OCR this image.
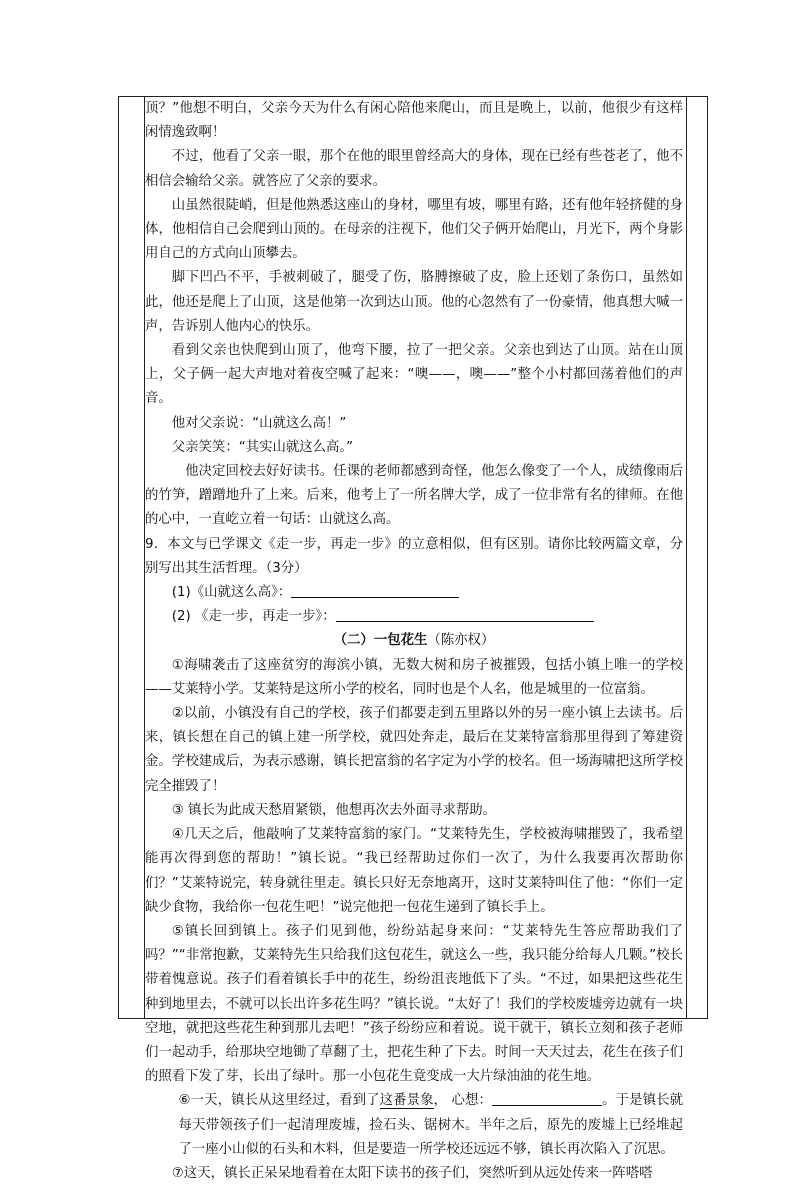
顶？”他想不明白，父亲今天为什么有闲心陪他来爬山，而且是晚上，以前，他很少有这样闲情逸致啊！

不过，他看了父亲一眼，那个在他的眼里曾经高大的身体，现在已经有些苍老了，他不相信会输给父亲。就答应了父亲的要求。

山虽然很陡峭，但是他熟悉这座山的身材，哪里有坡，哪里有路，还有他年轻挤健的身体，他相信自己会爬到山顶的。在母亲的注视下，他们父子俩开始爬山，月光下，两个身影用自己的方式向山顶攀去。

脚下凹凸不平，手被刺破了，腿受了伤，胳膊擦破了皮，脸上还划了条伤口，虽然如此，他还是爬上了山顶，这是他第一次到达山顶。他的心忽然有了一份豪情，他真想大喊一声，告诉别人他内心的快乐。

看到父亲也快爬到山顶了，他弯下腰，拉了一把父亲。父亲也到达了山顶。站在山顶上，父子俩一起大声地对着夜空喊了起来：“噢——，噢——”整个小村都回荡着他们的声音。

他对父亲说：“山就这么高！”

父亲笑笑：“其实山就这么高。”

他决定回校去好好读书。任课的老师都感到奇怪，他怎么像变了一个人，成绩像雨后的竹笋，蹭蹭地升了上来。后来，他考上了一所名牌大学，成了一位非常有名的律师。在他的心中，一直屹立着一句话：山就这么高。

9．本文与已学课文《走一步，再走一步》的立意相似，但有区别。请你比较两篇文章，分别写出其生活哲理。（3分）

(1)《山就这么高》：

(2) 《走一步，再走一步》：

（二）一包花生（陈亦权）

①海啸袭击了这座贫穷的海滨小镇，无数大树和房子被摧毁，包括小镇上唯一的学校——艾莱特小学。艾莱特是这所小学的校名，同时也是个人名，他是城里的一位富翁。

②以前，小镇没有自己的学校，孩子们都要走到五里路以外的另一座小镇上去读书。后来，镇长想在自己的镇上建一所学校，就四处奔走，最后在艾莱特富翁那里得到了筹建资金。学校建成后，为表示感谢，镇长把富翁的名字定为小学的校名。但一场海啸把这所学校完全摧毁了！

③ 镇长为此成天愁眉紧锁，他想再次去外面寻求帮助。

④几天之后，他敲响了艾莱特富翁的家门。“艾莱特先生，学校被海啸摧毁了，我希望能再次得到您的帮助！”镇长说。“我已经帮助过你们一次了，为什么我要再次帮助你们？”艾莱特说完，转身就往里走。镇长只好无奈地离开，这时艾莱特叫住了他：“你们一定缺少食物，我给你一包花生吧！”说完他把一包花生递到了镇长手上。

⑤镇长回到镇上。孩子们见到他，纷纷站起身来问：“艾莱特先生答应帮助我们了吗？”“非常抱歉，艾莱特先生只给我们这包花生，就这么一些，我只能分给每人几颗。”校长带着愧意说。孩子们看着镇长手中的花生，纷纷沮丧地低下了头。“不过，如果把这些花生种到地里去，不就可以长出许多花生吗？”镇长说。“太好了！我们的学校废墟旁边就有一块空地，就把这些花生种到那儿去吧！”孩子纷纷应和着说。说干就干，镇长立刻和孩子老师们一起动手，给那块空地锄了草翻了土，把花生种了下去。时间一天天过去，花生在孩子们的照看下发了芽，长出了绿叶。那一小包花生竟变成一大片绿油油的花生地。

⑥一天，镇长从这里经过，看到了这番景象， 心想：	。于是镇长就每天带领孩子们一起清理废墟，捡石头、锯树木。半年之后，原先的废墟上已经堆起了一座小山似的石头和木料，但是要造一所学校还远远不够，镇长再次陷入了沉思。

⑦这天，镇长正呆呆地看着在太阳下读书的孩子们，突然听到从远处传来一阵嗒嗒
